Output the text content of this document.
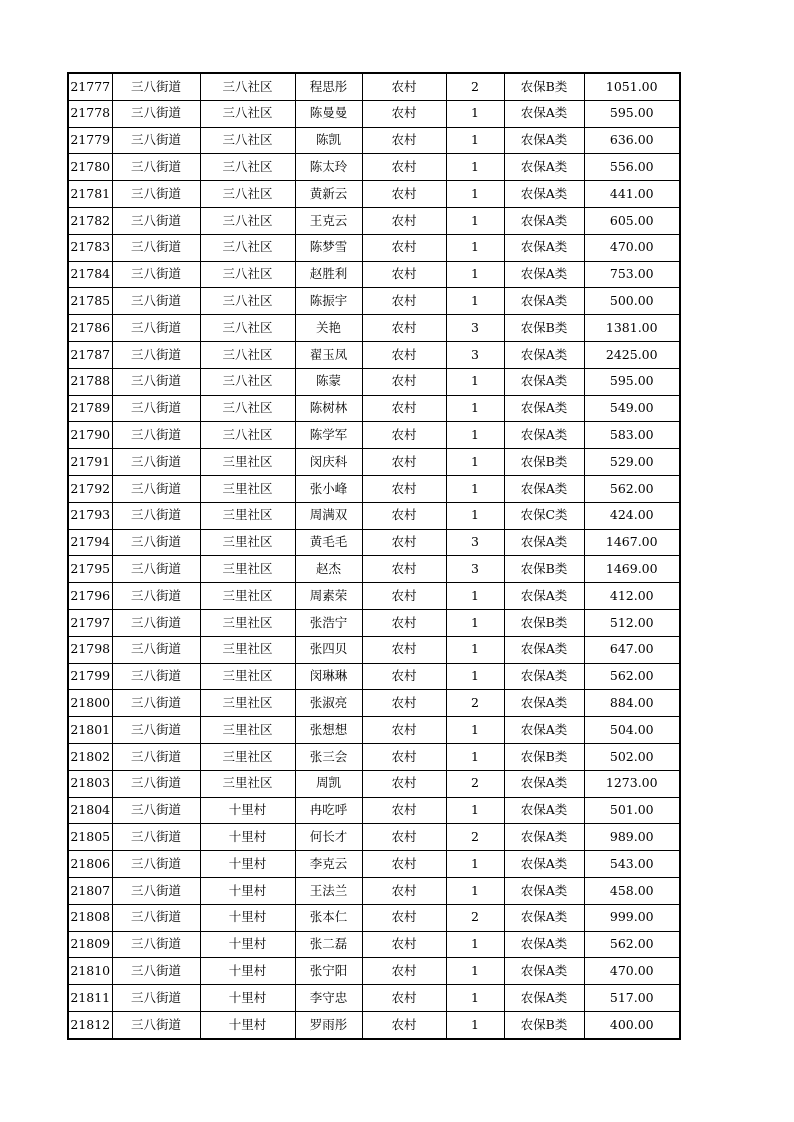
21777	三八街道	三八社区	程思彤	农村	2	农保B类	1051.00
21778	三八街道	三八社区	陈曼曼	农村	1	农保A类	595.00
21779	三八街道	三八社区	陈凯	农村	1	农保A类	636.00
21780	三八街道	三八社区	陈太玲	农村	1	农保A类	556.00
21781	三八街道	三八社区	黄新云	农村	1	农保A类	441.00
21782	三八街道	三八社区	王克云	农村	1	农保A类	605.00
21783	三八街道	三八社区	陈梦雪	农村	1	农保A类	470.00
21784	三八街道	三八社区	赵胜利	农村	1	农保A类	753.00
21785	三八街道	三八社区	陈振宇	农村	1	农保A类	500.00
21786	三八街道	三八社区	关艳	农村	3	农保B类	1381.00
21787	三八街道	三八社区	翟玉凤	农村	3	农保A类	2425.00
21788	三八街道	三八社区	陈蒙	农村	1	农保A类	595.00
21789	三八街道	三八社区	陈树林	农村	1	农保A类	549.00
21790	三八街道	三八社区	陈学军	农村	1	农保A类	583.00
21791	三八街道	三里社区	闵庆科	农村	1	农保B类	529.00
21792	三八街道	三里社区	张小峰	农村	1	农保A类	562.00
21793	三八街道	三里社区	周满双	农村	1	农保C类	424.00
21794	三八街道	三里社区	黄毛毛	农村	3	农保A类	1467.00
21795	三八街道	三里社区	赵杰	农村	3	农保B类	1469.00
21796	三八街道	三里社区	周素荣	农村	1	农保A类	412.00
21797	三八街道	三里社区	张浩宁	农村	1	农保B类	512.00
21798	三八街道	三里社区	张四贝	农村	1	农保A类	647.00
21799	三八街道	三里社区	闵琳琳	农村	1	农保A类	562.00
21800	三八街道	三里社区	张淑亮	农村	2	农保A类	884.00
21801	三八街道	三里社区	张想想	农村	1	农保A类	504.00
21802	三八街道	三里社区	张三会	农村	1	农保B类	502.00
21803	三八街道	三里社区	周凯	农村	2	农保A类	1273.00
21804	三八街道	十里村	冉吃呼	农村	1	农保A类	501.00
21805	三八街道	十里村	何长才	农村	2	农保A类	989.00
21806	三八街道	十里村	李克云	农村	1	农保A类	543.00
21807	三八街道	十里村	王法兰	农村	1	农保A类	458.00
21808	三八街道	十里村	张本仁	农村	2	农保A类	999.00
21809	三八街道	十里村	张二磊	农村	1	农保A类	562.00
21810	三八街道	十里村	张宁阳	农村	1	农保A类	470.00
21811	三八街道	十里村	李守忠	农村	1	农保A类	517.00
21812	三八街道	十里村	罗雨彤	农村	1	农保B类	400.00
